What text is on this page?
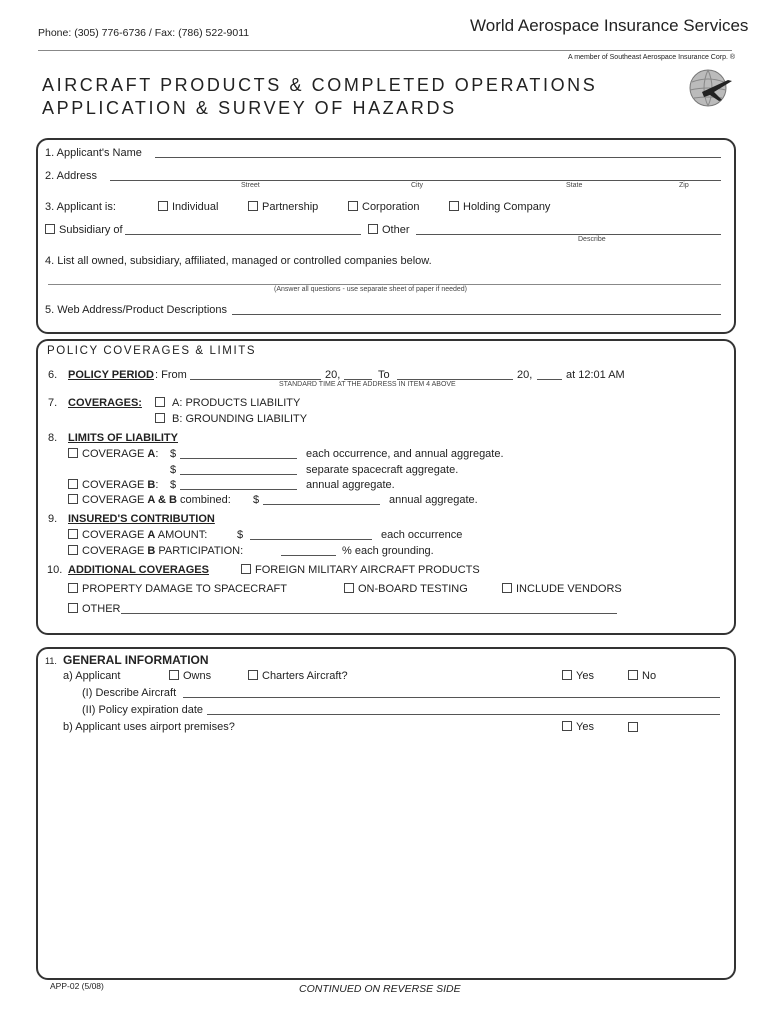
Phone: (305) 776-6736 / Fax: (786) 522-9011	World Aerospace Insurance Services
A member of Southeast Aerospace Insurance Corp. ®
AIRCRAFT PRODUCTS & COMPLETED OPERATIONS
APPLICATION & SURVEY OF HAZARDS
1. Applicant's Name
2. Address
Street	City	State	Zip
3. Applicant is:	Individual	Partnership	Corporation	Holding Company
Subsidiary of	Other
Describe
4. List all owned, subsidiary, affiliated, managed or controlled companies below.
(Answer all questions - use separate sheet of paper if needed)
5. Web Address/Product Descriptions
POLICY COVERAGES & LIMITS
6. POLICY PERIOD : From	20,	To	20,	at 12:01 AM
STANDARD TIME AT THE ADDRESS IN ITEM 4 ABOVE
7. COVERAGES:	A: PRODUCTS LIABILITY
B: GROUNDING LIABILITY
8. LIMITS OF LIABILITY
COVERAGE A: $	each occurrence, and annual aggregate.
$	separate spacecraft aggregate.
COVERAGE B: $	annual aggregate.
COVERAGE A & B combined: $	annual aggregate.
9. INSURED'S CONTRIBUTION
COVERAGE A AMOUNT:	$	each occurrence
COVERAGE B PARTICIPATION:	% each grounding.
10. ADDITIONAL COVERAGES	FOREIGN MILITARY AIRCRAFT PRODUCTS
PROPERTY DAMAGE TO SPACECRAFT	ON-BOARD TESTING	INCLUDE VENDORS
OTHER
11. GENERAL INFORMATION
a) Applicant	Owns	Charters Aircraft?	Yes	No
(I) Describe Aircraft
(II) Policy expiration date
b) Applicant uses airport premises?	Yes
APP-02 (5/08)	CONTINUED ON REVERSE SIDE
